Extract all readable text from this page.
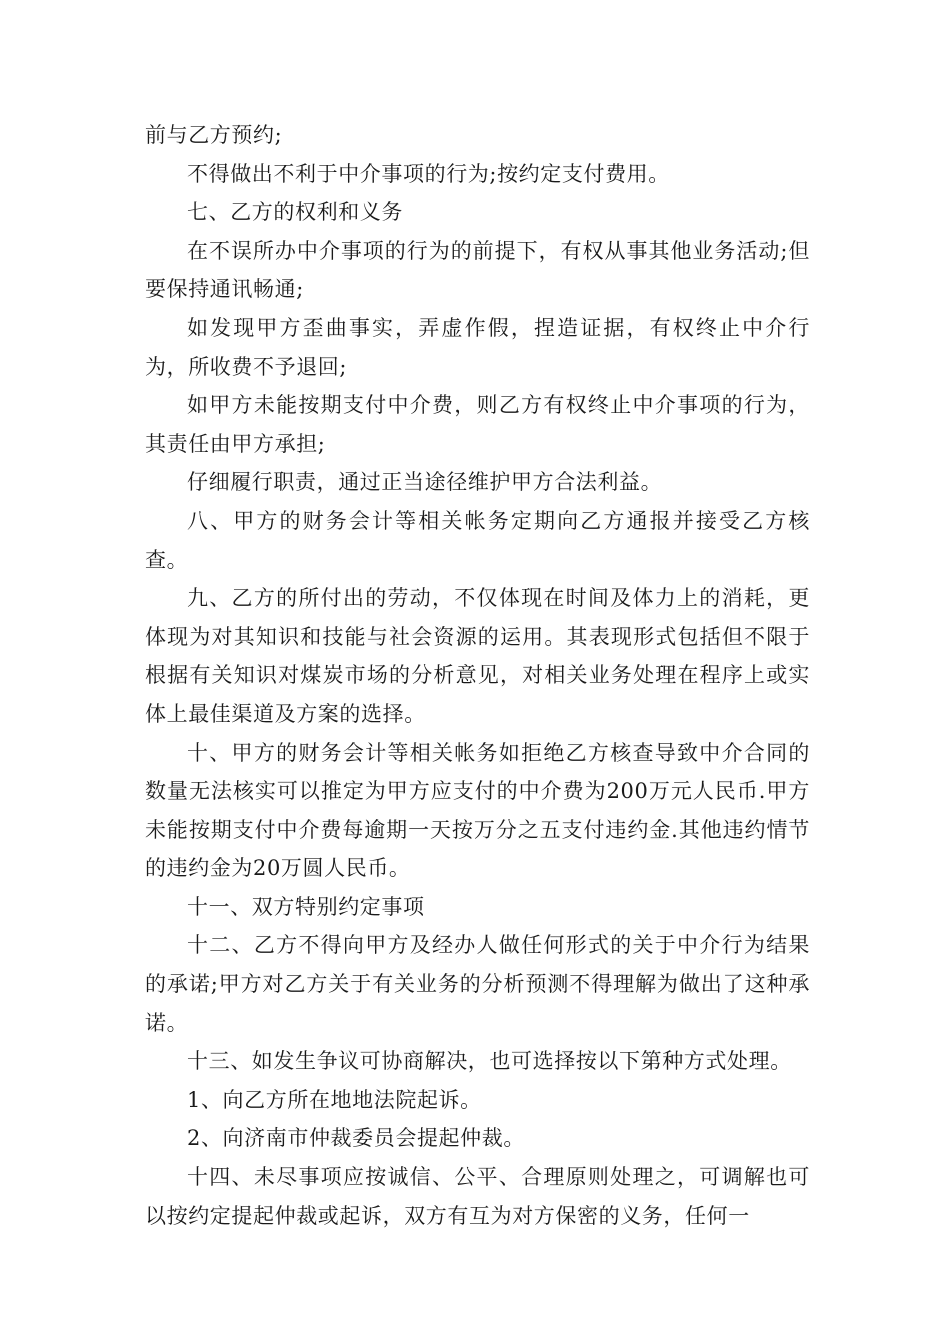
前与乙方预约;

不得做出不利于中介事项的行为;按约定支付费用。

七、乙方的权利和义务

在不误所办中介事项的行为的前提下，有权从事其他业务活动;但要保持通讯畅通;

如发现甲方歪曲事实，弄虚作假，捏造证据，有权终止中介行为，所收费不予退回;

如甲方未能按期支付中介费，则乙方有权终止中介事项的行为，其责任由甲方承担;

仔细履行职责，通过正当途径维护甲方合法利益。

八、甲方的财务会计等相关帐务定期向乙方通报并接受乙方核查。

九、乙方的所付出的劳动，不仅体现在时间及体力上的消耗，更体现为对其知识和技能与社会资源的运用。其表现形式包括但不限于根据有关知识对煤炭市场的分析意见，对相关业务处理在程序上或实体上最佳渠道及方案的选择。

十、甲方的财务会计等相关帐务如拒绝乙方核查导致中介合同的数量无法核实可以推定为甲方应支付的中介费为200万元人民币.甲方未能按期支付中介费每逾期一天按万分之五支付违约金.其他违约情节的违约金为20万圆人民币。

十一、双方特别约定事项

十二、乙方不得向甲方及经办人做任何形式的关于中介行为结果的承诺;甲方对乙方关于有关业务的分析预测不得理解为做出了这种承诺。

十三、如发生争议可协商解决，也可选择按以下第种方式处理。

1、向乙方所在地地法院起诉。

2、向济南市仲裁委员会提起仲裁。

十四、未尽事项应按诚信、公平、合理原则处理之，可调解也可以按约定提起仲裁或起诉，双方有互为对方保密的义务，任何一
